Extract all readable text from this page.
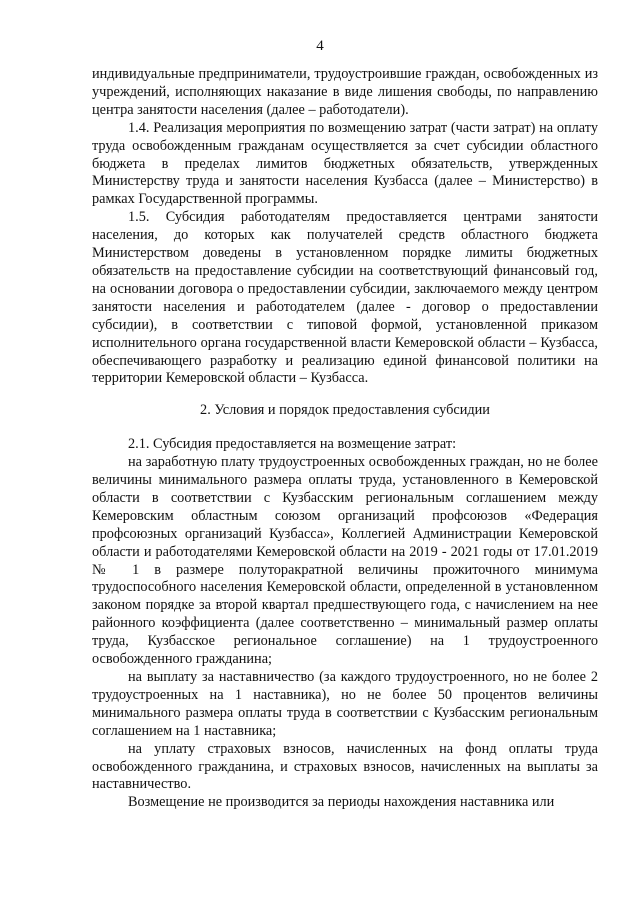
4

индивидуальные предприниматели, трудоустроившие граждан, освобожденных из учреждений, исполняющих наказание в виде лишения свободы, по направлению центра занятости населения (далее – работодатели).

1.4. Реализация мероприятия по возмещению затрат (части затрат) на оплату труда освобожденным гражданам осуществляется за счет субсидии областного бюджета в пределах лимитов бюджетных обязательств, утвержденных Министерству труда и занятости населения Кузбасса (далее – Министерство) в рамках Государственной программы.

1.5. Субсидия работодателям предоставляется центрами занятости населения, до которых как получателей средств областного бюджета Министерством доведены в установленном порядке лимиты бюджетных обязательств на предоставление субсидии на соответствующий финансовый год, на основании договора о предоставлении субсидии, заключаемого между центром занятости населения и работодателем (далее - договор о предоставлении субсидии), в соответствии с типовой формой, установленной приказом исполнительного органа государственной власти Кемеровской области – Кузбасса, обеспечивающего разработку и реализацию единой финансовой политики на территории Кемеровской области – Кузбасса.

2. Условия и порядок предоставления субсидии

2.1. Субсидия предоставляется на возмещение затрат:

на заработную плату трудоустроенных освобожденных граждан, но не более величины минимального размера оплаты труда, установленного в Кемеровской области в соответствии с Кузбасским региональным соглашением между Кемеровским областным союзом организаций профсоюзов «Федерация профсоюзных организаций Кузбасса», Коллегией Администрации Кемеровской области и работодателями Кемеровской области на 2019 - 2021 годы от 17.01.2019 № 1 в размере полуторакратной величины прожиточного минимума трудоспособного населения Кемеровской области, определенной в установленном законом порядке за второй квартал предшествующего года, с начислением на нее районного коэффициента (далее соответственно – минимальный размер оплаты труда, Кузбасское региональное соглашение) на 1 трудоустроенного освобожденного гражданина;

на выплату за наставничество (за каждого трудоустроенного, но не более 2 трудоустроенных на 1 наставника), но не более 50 процентов величины минимального размера оплаты труда в соответствии с Кузбасским региональным соглашением на 1 наставника;

на уплату страховых взносов, начисленных на фонд оплаты труда освобожденного гражданина, и страховых взносов, начисленных на выплаты за наставничество.

Возмещение не производится за периоды нахождения наставника или
